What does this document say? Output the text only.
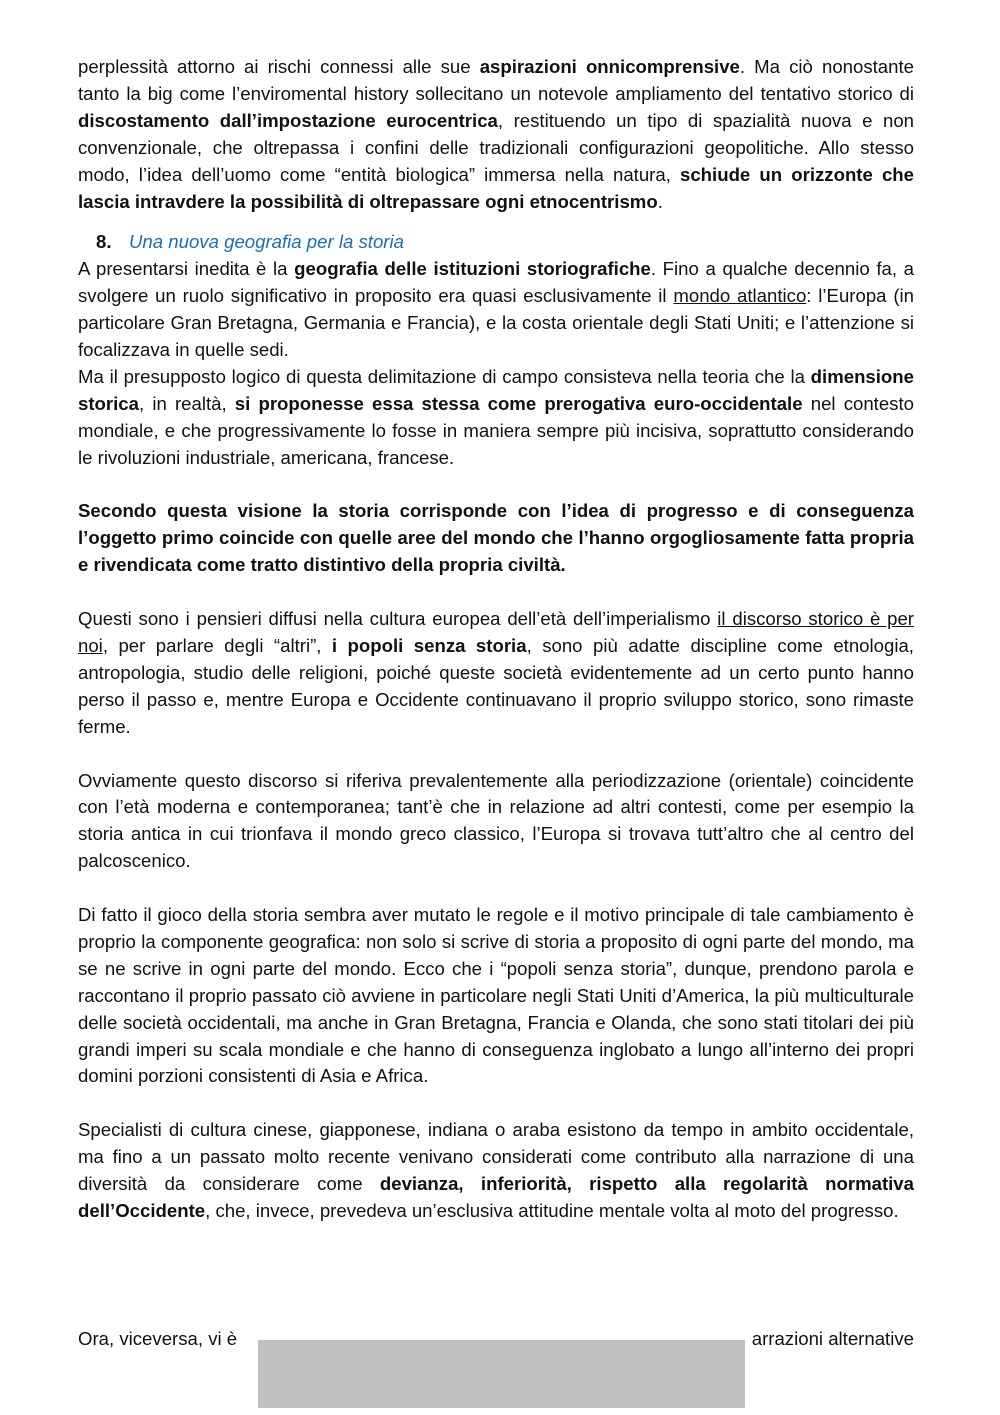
perplessità attorno ai rischi connessi alle sue aspirazioni onnicomprensive. Ma ciò nonostante tanto la big come l’enviromental history sollecitano un notevole ampliamento del tentativo storico di discostamento dall’impostazione eurocentrica, restituendo un tipo di spazialità nuova e non convenzionale, che oltrepassa i confini delle tradizionali configurazioni geopolitiche. Allo stesso modo, l’idea dell’uomo come “entità biologica” immersa nella natura, schiude un orizzonte che lascia intravdere la possibilità di oltrepassare ogni etnocentrismo.

8. Una nuova geografia per la storia

A presentarsi inedita è la geografia delle istituzioni storiografiche. Fino a qualche decennio fa, a svolgere un ruolo significativo in proposito era quasi esclusivamente il mondo atlantico: l’Europa (in particolare Gran Bretagna, Germania e Francia), e la costa orientale degli Stati Uniti; e l’attenzione si focalizzava in quelle sedi.

Ma il presupposto logico di questa delimitazione di campo consisteva nella teoria che la dimensione storica, in realtà, si proponesse essa stessa come prerogativa euro-occidentale nel contesto mondiale, e che progressivamente lo fosse in maniera sempre più incisiva, soprattutto considerando le rivoluzioni industriale, americana, francese.

Secondo questa visione la storia corrisponde con l’idea di progresso e di conseguenza l’oggetto primo coincide con quelle aree del mondo che l’hanno orgogliosamente fatta propria e rivendicata come tratto distintivo della propria civiltà.

Questi sono i pensieri diffusi nella cultura europea dell’età dell’imperialismo il discorso storico è per noi, per parlare degli “altri”, i popoli senza storia, sono più adatte discipline come etnologia, antropologia, studio delle religioni, poiché queste società evidentemente ad un certo punto hanno perso il passo e, mentre Europa e Occidente continuavano il proprio sviluppo storico, sono rimaste ferme.

Ovviamente questo discorso si riferiva prevalentemente alla periodizzazione (orientale) coincidente con l’età moderna e contemporanea; tant’è che in relazione ad altri contesti, come per esempio la storia antica in cui trionfava il mondo greco classico, l’Europa si trovava tutt’altro che al centro del palcoscenico.

Di fatto il gioco della storia sembra aver mutato le regole e il motivo principale di tale cambiamento è proprio la componente geografica: non solo si scrive di storia a proposito di ogni parte del mondo, ma se ne scrive in ogni parte del mondo. Ecco che i “popoli senza storia”, dunque, prendono parola e raccontano il proprio passato ciò avviene in particolare negli Stati Uniti d’America, la più multiculturale delle società occidentali, ma anche in Gran Bretagna, Francia e Olanda, che sono stati titolari dei più grandi imperi su scala mondiale e che hanno di conseguenza inglobato a lungo all’interno dei propri domini porzioni consistenti di Asia e Africa.

Specialisti di cultura cinese, giapponese, indiana o araba esistono da tempo in ambito occidentale, ma fino a un passato molto recente venivano considerati come contributo alla narrazione di una diversità da considerare come devianza, inferiorità, rispetto alla regolarità normativa dell’Occidente, che, invece, prevedeva un’esclusiva attitudine mentale volta al moto del progresso.

Ora, viceversa, vi è	arrazioni alternative
